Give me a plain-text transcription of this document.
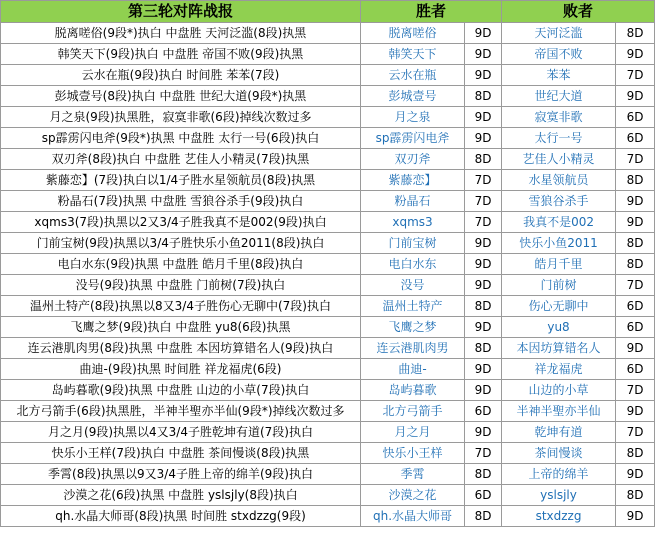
第三轮对阵战报	胜者		败者	
脱离嗟俗(9段*)执白 中盘胜 天河泛滥(8段)执黑	脱离嗟俗	9D	天河泛滥	8D
韩笑天下(9段)执白 中盘胜 帝国不败(9段)执黑	韩笑天下	9D	帝国不败	9D
云水在瓶(9段)执白 时间胜 苯苯(7段)	云水在瓶	9D	苯苯	7D
彭城壹号(8段)执白 中盘胜 世纪大道(9段*)执黑	彭城壹号	8D	世纪大道	9D
月之泉(9段)执黑胜，寂寞非歌(6段)掉线次数过多	月之泉	9D	寂寞非歌	6D
sp霹雳闪电斧(9段*)执黑 中盘胜 太行一号(6段)执白	sp霹雳闪电斧	9D	太行一号	6D
双刃斧(8段)执白 中盘胜 艺佳人小精灵(7段)执黑	双刃斧	8D	艺佳人小精灵	7D
紫藤恋】(7段)执白以1/4子胜水星领航员(8段)执黑	紫藤恋】	7D	水星领航员	8D
粉晶石(7段)执黑 中盘胜 雪狼谷杀手(9段)执白	粉晶石	7D	雪狼谷杀手	9D
xqms3(7段)执黑以2又3/4子胜我真不是002(9段)执白	xqms3	7D	我真不是002	9D
门前宝树(9段)执黑以3/4子胜快乐小鱼2011(8段)执白	门前宝树	9D	快乐小鱼2011	8D
电白水东(9段)执黑 中盘胜 皓月千里(8段)执白	电白水东	9D	皓月千里	8D
没号(9段)执黑 中盘胜 门前树(7段)执白	没号	9D	门前树	7D
温州土特产(8段)执黑以8又3/4子胜伤心无聊中(7段)执白	温州土特产	8D	伤心无聊中	6D
飞鹰之梦(9段)执白 中盘胜 yu8(6段)执黑	飞鹰之梦	9D	yu8	6D
连云港肌肉男(8段)执黑 中盘胜 本因坊算错名人(9段)执白	连云港肌肉男	8D	本因坊算错名人	9D
曲迪-(9段)执黑 时间胜 祥龙福虎(6段)	曲迪-	9D	祥龙福虎	6D
岛屿暮歌(9段)执黑 中盘胜 山边的小草(7段)执白	岛屿暮歌	9D	山边的小草	7D
北方弓箭手(6段)执黑胜，半神半聖亦半仙(9段*)掉线次数过多	北方弓箭手	6D	半神半聖亦半仙	9D
月之月(9段)执黑以4又3/4子胜乾坤有道(7段)执白	月之月	9D	乾坤有道	7D
快乐小王样(7段)执白 中盘胜 茶间慢谈(8段)执黑	快乐小王样	7D	茶间慢谈	8D
季霄(8段)执黑以9又3/4子胜上帝的绵羊(9段)执白	季霄	8D	上帝的绵羊	9D
沙漠之花(6段)执黑 中盘胜 yslsjly(8段)执白	沙漠之花	6D	yslsjly	8D
qh.水晶大师哥(8段)执黑 时间胜 stxdzzg(9段)	qh.水晶大师哥	8D	stxdzzg	9D
